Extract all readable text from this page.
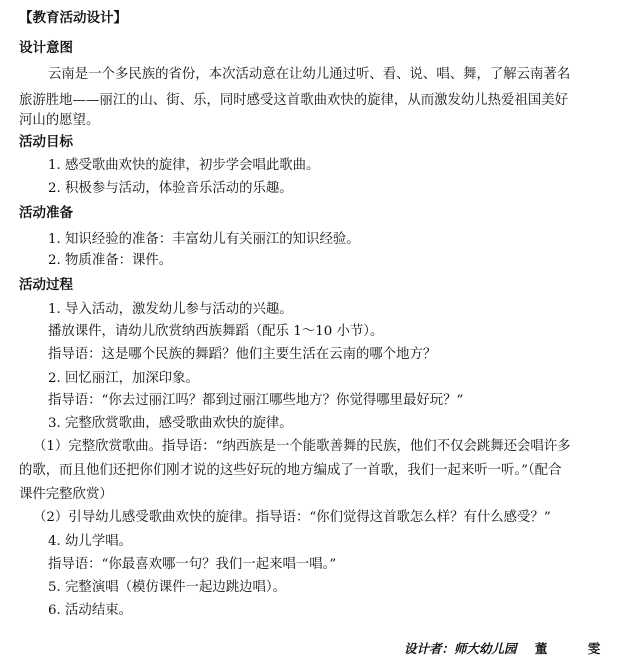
【教育活动设计】
设计意图
云南是一个多民族的省份，本次活动意在让幼儿通过听、看、说、唱、舞，了解云南著名
旅游胜地——丽江的山、街、乐，同时感受这首歌曲欢快的旋律，从而激发幼儿热爱祖国美好
河山的愿望。
活动目标
1. 感受歌曲欢快的旋律，初步学会唱此歌曲。
2. 积极参与活动，体验音乐活动的乐趣。
活动准备
1. 知识经验的准备：丰富幼儿有关丽江的知识经验。
2. 物质准备：课件。
活动过程
1. 导入活动，激发幼儿参与活动的兴趣。
播放课件，请幼儿欣赏纳西族舞蹈（配乐 1～10 小节）。
指导语：这是哪个民族的舞蹈？他们主要生活在云南的哪个地方？
2. 回忆丽江，加深印象。
指导语：“你去过丽江吗？都到过丽江哪些地方？你觉得哪里最好玩？”
3. 完整欣赏歌曲，感受歌曲欢快的旋律。
（1）完整欣赏歌曲。指导语：“纳西族是一个能歌善舞的民族，他们不仅会跳舞还会唱许多
的歌，而且他们还把你们刚才说的这些好玩的地方编成了一首歌，我们一起来听一听。”（配合
课件完整欣赏）
（2）引导幼儿感受歌曲欢快的旋律。指导语：“你们觉得这首歌怎么样？有什么感受？”
4. 幼儿学唱。
指导语：“你最喜欢哪一句？我们一起来唱一唱。”
5. 完整演唱（模仿课件一起边跳边唱）。
6. 活动结束。
设计者：师大幼儿园 董 雯
